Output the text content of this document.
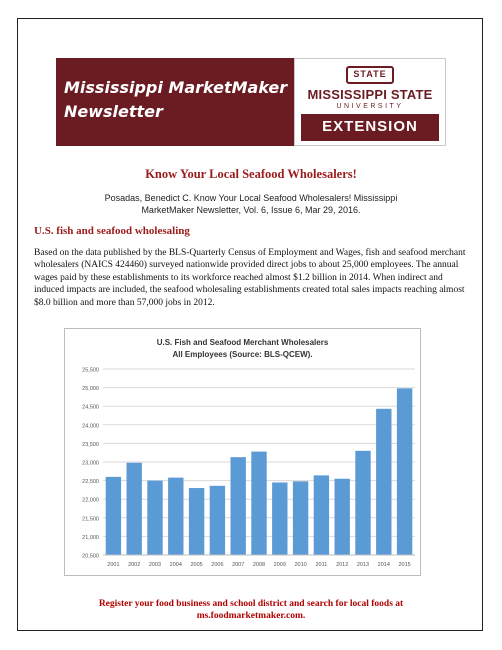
Mississippi MarketMaker
Newsletter
STATE
MISSISSIPPI STATE
UNIVERSITY
EXTENSION
Know Your Local Seafood Wholesalers!
Posadas, Benedict C. Know Your Local Seafood Wholesalers! Mississippi
MarketMaker Newsletter, Vol. 6, Issue 6, Mar 29, 2016.
U.S. fish and seafood wholesaling
Based on the data published by the BLS-Quarterly Census of Employment and Wages, fish and seafood merchant wholesalers (NAICS 424460) surveyed nationwide provided direct jobs to about 25,000 employees. The annual wages paid by these establishments to its workforce reached almost $1.2 billion in 2014. When indirect and induced impacts are included, the seafood wholesaling establishments created total sales impacts reaching almost $8.0 billion and more than 57,000 jobs in 2012.
U.S. Fish and Seafood Merchant Wholesalers
All Employees (Source: BLS-QCEW).
20,500
21,000
21,500
22,000
22,500
23,000
23,500
24,000
24,500
25,000
25,500
2001 2002 2003 2004 2005 2006 2007 2008 2009 2010 2011 2012 2013 2014 2015
Register your food business and school district and search for local foods at
ms.foodmarketmaker.com.
